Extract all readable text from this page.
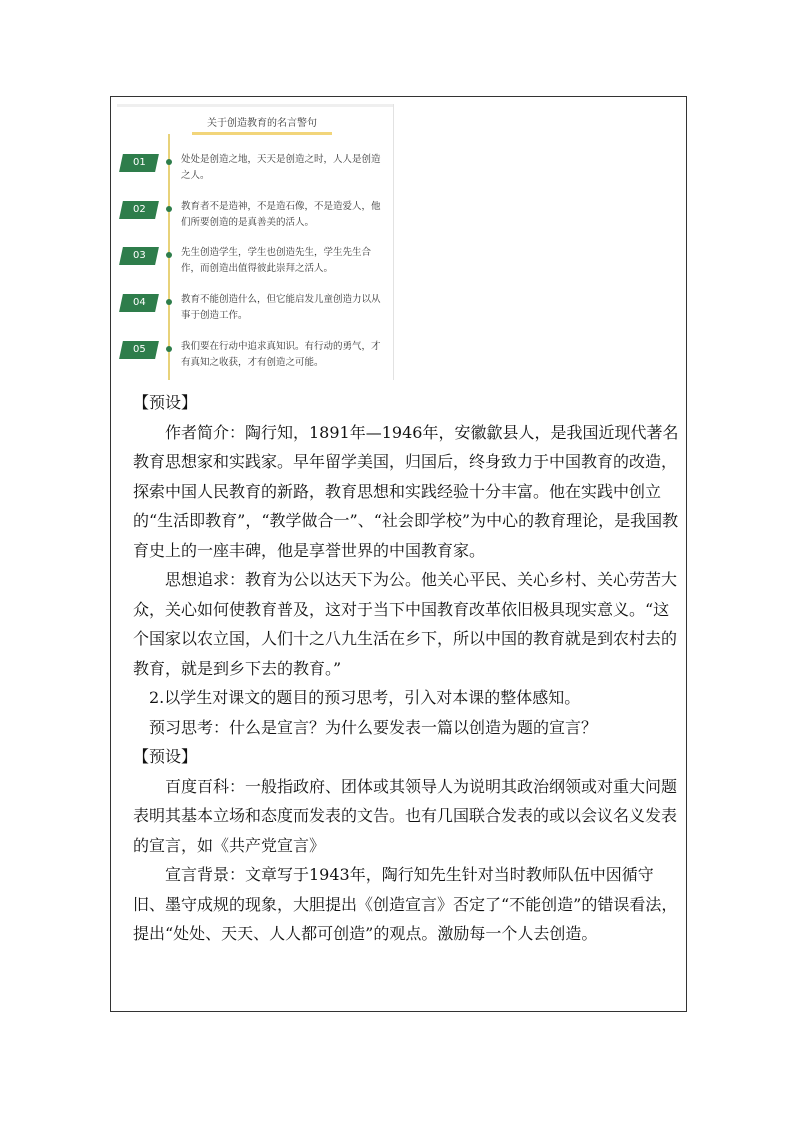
关于创造教育的名言警句
01	处处是创造之地，天天是创造之时，人人是创造之人。
02	教育者不是造神，不是造石像，不是造爱人，他们所要创造的是真善美的活人。
03	先生创造学生，学生也创造先生，学生先生合作，而创造出值得彼此崇拜之活人。
04	教育不能创造什么，但它能启发儿童创造力以从事于创造工作。
05	我们要在行动中追求真知识。有行动的勇气，才有真知之收获，才有创造之可能。

【预设】

作者简介：陶行知，1891年—1946年，安徽歙县人，是我国近现代著名教育思想家和实践家。早年留学美国，归国后，终身致力于中国教育的改造，探索中国人民教育的新路，教育思想和实践经验十分丰富。他在实践中创立的“生活即教育”，“教学做合一”、“社会即学校”为中心的教育理论，是我国教育史上的一座丰碑，他是享誉世界的中国教育家。

思想追求：教育为公以达天下为公。他关心平民、关心乡村、关心劳苦大众，关心如何使教育普及，这对于当下中国教育改革依旧极具现实意义。“这个国家以农立国，人们十之八九生活在乡下，所以中国的教育就是到农村去的教育，就是到乡下去的教育。”

2.以学生对课文的题目的预习思考，引入对本课的整体感知。

预习思考：什么是宣言？为什么要发表一篇以创造为题的宣言？

【预设】

百度百科：一般指政府、团体或其领导人为说明其政治纲领或对重大问题表明其基本立场和态度而发表的文告。也有几国联合发表的或以会议名义发表的宣言，如《共产党宣言》

宣言背景：文章写于1943年，陶行知先生针对当时教师队伍中因循守旧、墨守成规的现象，大胆提出《创造宣言》否定了“不能创造”的错误看法，提出“处处、天天、人人都可创造”的观点。激励每一个人去创造。
